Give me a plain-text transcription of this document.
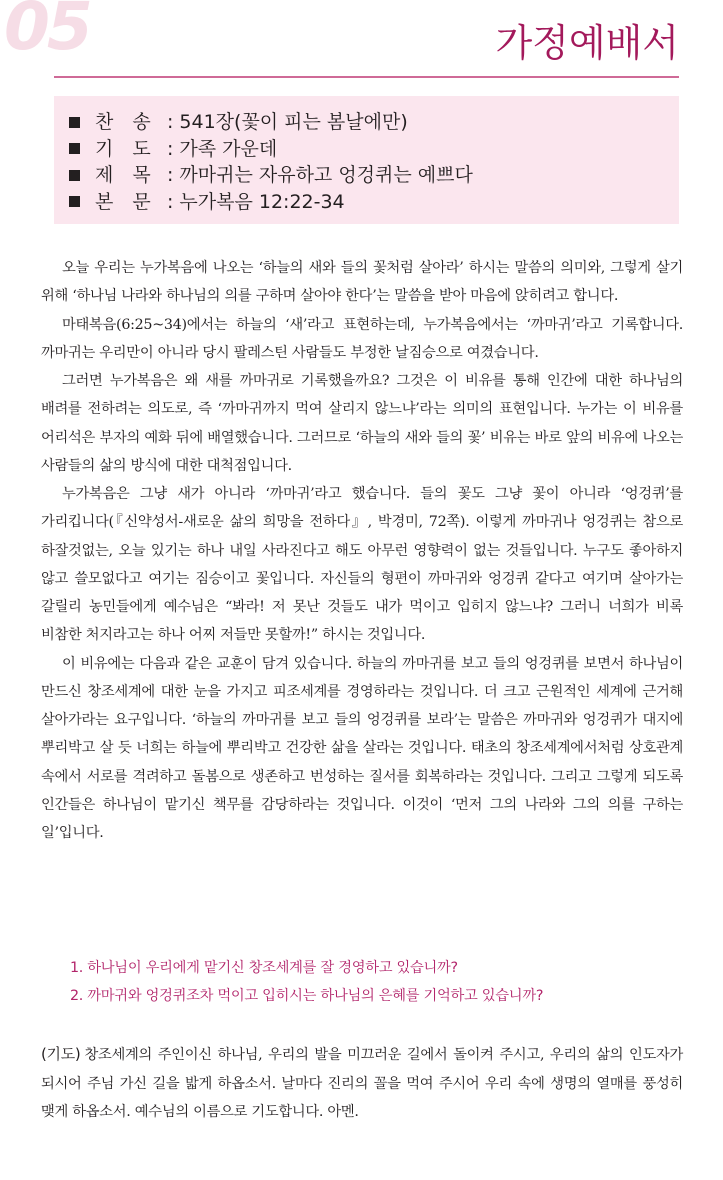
05	가정예배서
찬　송 : 541장(꽃이 피는 봄날에만)
기　도 : 가족 가운데
제　목 : 까마귀는 자유하고 엉겅퀴는 예쁘다
본　문 : 누가복음 12:22-34

오늘 우리는 누가복음에 나오는 ‘하늘의 새와 들의 꽃처럼 살아라’ 하시는 말씀의 의미와, 그렇게 살기 위해 ‘하나님 나라와 하나님의 의를 구하며 살아야 한다’는 말씀을 받아 마음에 앉히려고 합니다.

마태복음(6:25~34)에서는 하늘의 ‘새’라고 표현하는데, 누가복음에서는 ‘까마귀’라고 기록합니다. 까마귀는 우리만이 아니라 당시 팔레스틴 사람들도 부정한 날짐승으로 여겼습니다.

그러면 누가복음은 왜 새를 까마귀로 기록했을까요? 그것은 이 비유를 통해 인간에 대한 하나님의 배려를 전하려는 의도로, 즉 ‘까마귀까지 먹여 살리지 않느냐’라는 의미의 표현입니다. 누가는 이 비유를 어리석은 부자의 예화 뒤에 배열했습니다. 그러므로 ‘하늘의 새와 들의 꽃’ 비유는 바로 앞의 비유에 나오는 사람들의 삶의 방식에 대한 대척점입니다.

누가복음은 그냥 새가 아니라 ‘까마귀’라고 했습니다. 들의 꽃도 그냥 꽃이 아니라 ‘엉겅퀴’를 가리킵니다(『신약성서-새로운 삶의 희망을 전하다』, 박경미, 72쪽). 이렇게 까마귀나 엉겅퀴는 참으로 하잘것없는, 오늘 있기는 하나 내일 사라진다고 해도 아무런 영향력이 없는 것들입니다. 누구도 좋아하지 않고 쓸모없다고 여기는 짐승이고 꽃입니다. 자신들의 형편이 까마귀와 엉겅퀴 같다고 여기며 살아가는 갈릴리 농민들에게 예수님은 “봐라! 저 못난 것들도 내가 먹이고 입히지 않느냐? 그러니 너희가 비록 비참한 처지라고는 하나 어찌 저들만 못할까!” 하시는 것입니다.

이 비유에는 다음과 같은 교훈이 담겨 있습니다. 하늘의 까마귀를 보고 들의 엉겅퀴를 보면서 하나님이 만드신 창조세계에 대한 눈을 가지고 피조세계를 경영하라는 것입니다. 더 크고 근원적인 세계에 근거해 살아가라는 요구입니다. ‘하늘의 까마귀를 보고 들의 엉겅퀴를 보라’는 말씀은 까마귀와 엉겅퀴가 대지에 뿌리박고 살 듯 너희는 하늘에 뿌리박고 건강한 삶을 살라는 것입니다. 태초의 창조세계에서처럼 상호관계 속에서 서로를 격려하고 돌봄으로 생존하고 번성하는 질서를 회복하라는 것입니다. 그리고 그렇게 되도록 인간들은 하나님이 맡기신 책무를 감당하라는 것입니다. 이것이 ‘먼저 그의 나라와 그의 의를 구하는 일’입니다.

1. 하나님이 우리에게 맡기신 창조세계를 잘 경영하고 있습니까?
2. 까마귀와 엉겅퀴조차 먹이고 입히시는 하나님의 은혜를 기억하고 있습니까?

(기도) 창조세계의 주인이신 하나님, 우리의 발을 미끄러운 길에서 돌이켜 주시고, 우리의 삶의 인도자가 되시어 주님 가신 길을 밟게 하옵소서. 날마다 진리의 꼴을 먹여 주시어 우리 속에 생명의 열매를 풍성히 맺게 하옵소서. 예수님의 이름으로 기도합니다. 아멘.
